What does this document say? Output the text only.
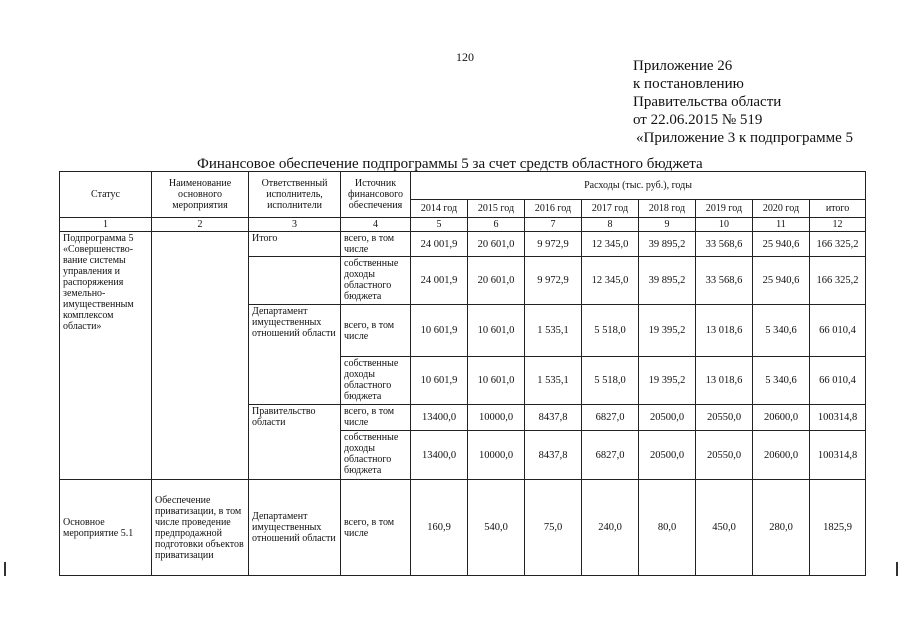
120
Приложение 26
к постановлению
Правительства области
от 22.06.2015 № 519
«Приложение 3 к подпрограмме 5
Финансовое обеспечение подпрограммы 5 за счет средств областного бюджета
Статус	Наименование основного мероприятия	Ответственный исполнитель, исполнители	Источник финансового обеспечения	Расходы (тыс. руб.), годы							
				2014 год	2015 год	2016 год	2017 год	2018 год	2019 год	2020 год	итого
1	2	3	4	5	6	7	8	9	10	11	12
Подпрограмма 5 «Совершенство-вание системы управления и распоряжения земельно-имущественным комплексом области»		Итого	всего, в том числе	24 001,9	20 601,0	9 972,9	12 345,0	39 895,2	33 568,6	25 940,6	166 325,2
			собственные доходы областного бюджета	24 001,9	20 601,0	9 972,9	12 345,0	39 895,2	33 568,6	25 940,6	166 325,2
		Департамент имущественных отношений области	всего, в том числе	10 601,9	10 601,0	1 535,1	5 518,0	19 395,2	13 018,6	5 340,6	66 010,4
			собственные доходы областного бюджета	10 601,9	10 601,0	1 535,1	5 518,0	19 395,2	13 018,6	5 340,6	66 010,4
		Правительство области	всего, в том числе	13400,0	10000,0	8437,8	6827,0	20500,0	20550,0	20600,0	100314,8
			собственные доходы областного бюджета	13400,0	10000,0	8437,8	6827,0	20500,0	20550,0	20600,0	100314,8
Основное мероприятие 5.1	Обеспечение приватизации, в том числе проведение предпродажной подготовки объектов приватизации	Департамент имущественных отношений области	всего, в том числе	160,9	540,0	75,0	240,0	80,0	450,0	280,0	1825,9
